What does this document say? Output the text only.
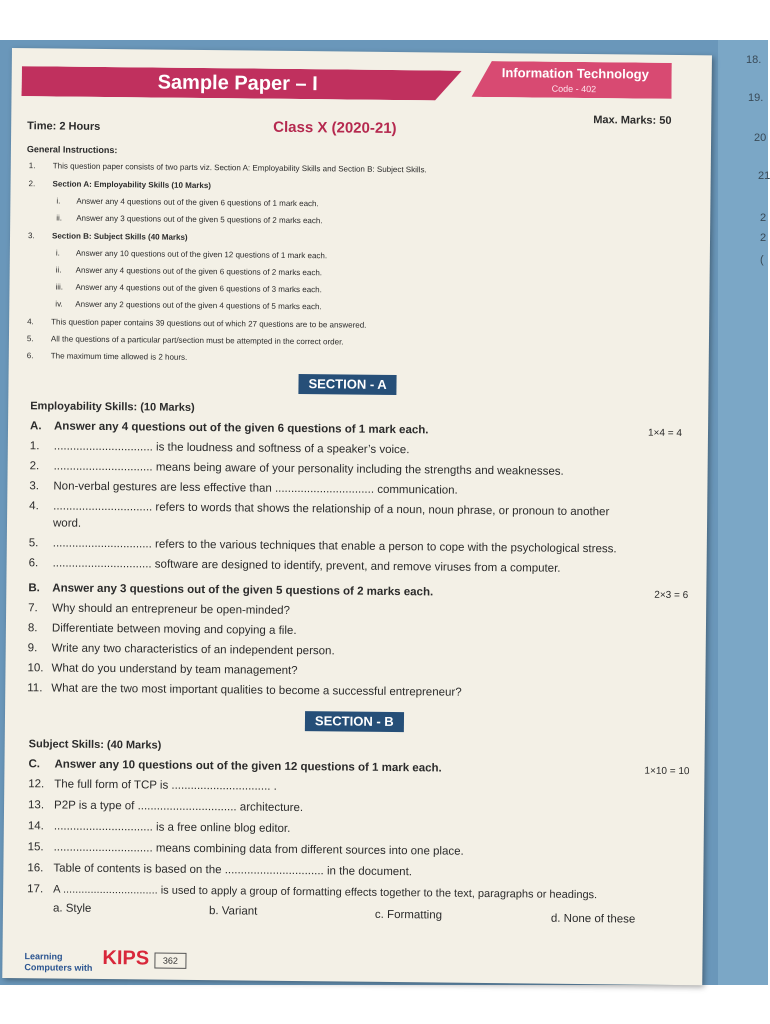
18.
19.
20
21
2
2
(
Sample Paper – I	Information Technology
Code - 402
Time: 2 Hours	Class X (2020-21)	Max. Marks: 50
General Instructions:
1. This question paper consists of two parts viz. Section A: Employability Skills and Section B: Subject Skills.
2. Section A: Employability Skills (10 Marks)
i. Answer any 4 questions out of the given 6 questions of 1 mark each.
ii. Answer any 3 questions out of the given 5 questions of 2 marks each.
3. Section B: Subject Skills (40 Marks)
i. Answer any 10 questions out of the given 12 questions of 1 mark each.
ii. Answer any 4 questions out of the given 6 questions of 2 marks each.
iii. Answer any 4 questions out of the given 6 questions of 3 marks each.
iv. Answer any 2 questions out of the given 4 questions of 5 marks each.
4. This question paper contains 39 questions out of which 27 questions are to be answered.
5. All the questions of a particular part/section must be attempted in the correct order.
6. The maximum time allowed is 2 hours.
SECTION - A
Employability Skills: (10 Marks)
A. Answer any 4 questions out of the given 6 questions of 1 mark each.	1×4 = 4
1. ............................... is the loudness and softness of a speaker’s voice.
2. ............................... means being aware of your personality including the strengths and weaknesses.
3. Non-verbal gestures are less effective than ............................... communication.
4. ............................... refers to words that shows the relationship of a noun, noun phrase, or pronoun to another
word.
5. ............................... refers to the various techniques that enable a person to cope with the psychological stress.
6. ............................... software are designed to identify, prevent, and remove viruses from a computer.
B. Answer any 3 questions out of the given 5 questions of 2 marks each.	2×3 = 6
7. Why should an entrepreneur be open-minded?
8. Differentiate between moving and copying a file.
9. Write any two characteristics of an independent person.
10. What do you understand by team management?
11. What are the two most important qualities to become a successful entrepreneur?
SECTION - B
Subject Skills: (40 Marks)
C. Answer any 10 questions out of the given 12 questions of 1 mark each.	1×10 = 10
12. The full form of TCP is ............................... .
13. P2P is a type of ............................... architecture.
14. ............................... is a free online blog editor.
15. ............................... means combining data from different sources into one place.
16. Table of contents is based on the ............................... in the document.
17. A ............................... is used to apply a group of formatting effects together to the text, paragraphs or headings.
a. Style	b. Variant	c. Formatting	d. None of these
Learning
Computers with KIPS	362
